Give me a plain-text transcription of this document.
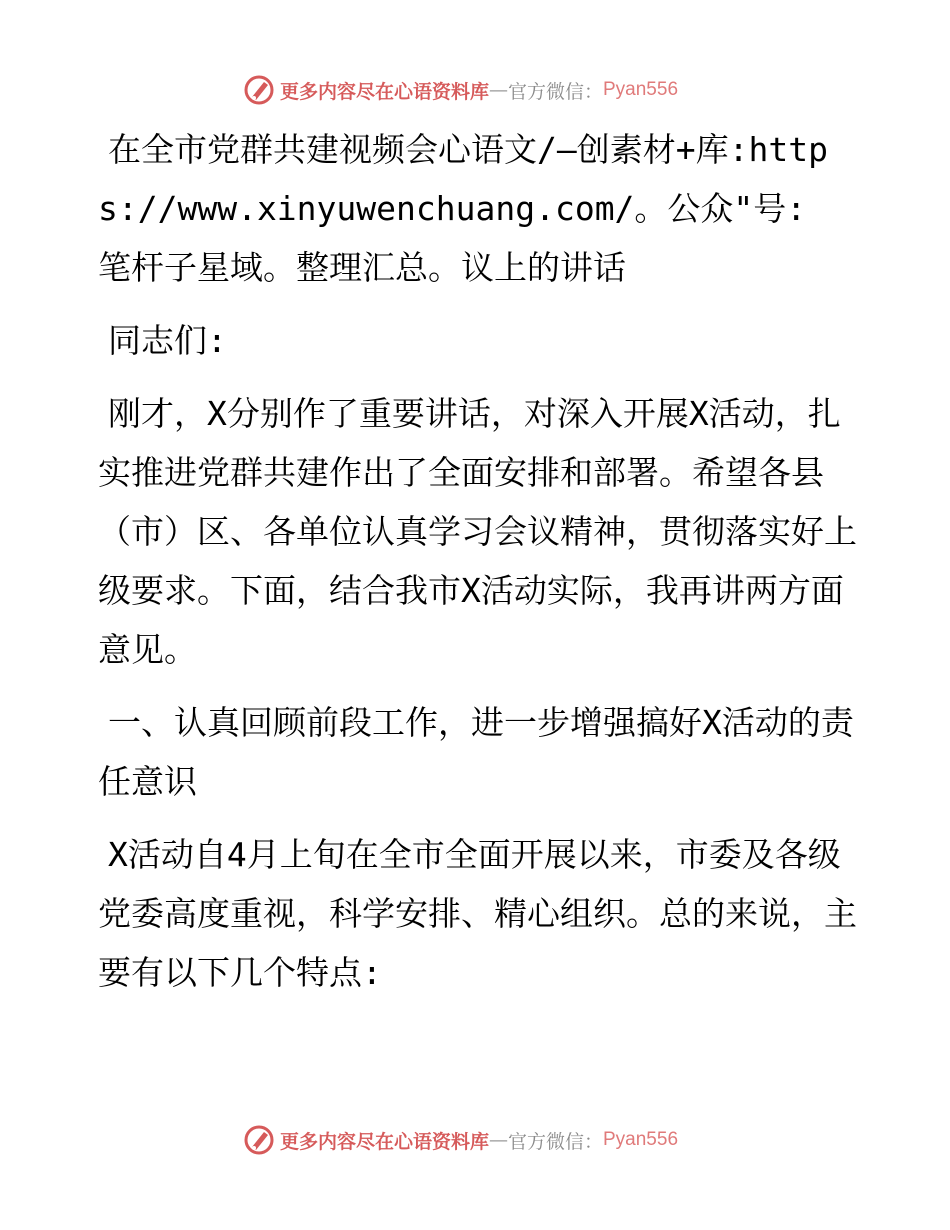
更多内容尽在心语资料库 — 官方微信： Pyan556

在全市党群共建视频会心语文/—创素材+库:https://www.xinyuwenchuang.com/。公众"号: 笔杆子星域。整理汇总。议上的讲话

同志们:

刚才，X分别作了重要讲话，对深入开展X活动，扎实推进党群共建作出了全面安排和部署。希望各县（市）区、各单位认真学习会议精神，贯彻落实好上级要求。下面，结合我市X活动实际，我再讲两方面意见。

一、认真回顾前段工作，进一步增强搞好X活动的责任意识

X活动自4月上旬在全市全面开展以来，市委及各级党委高度重视，科学安排、精心组织。总的来说，主要有以下几个特点:

更多内容尽在心语资料库 — 官方微信： Pyan556
